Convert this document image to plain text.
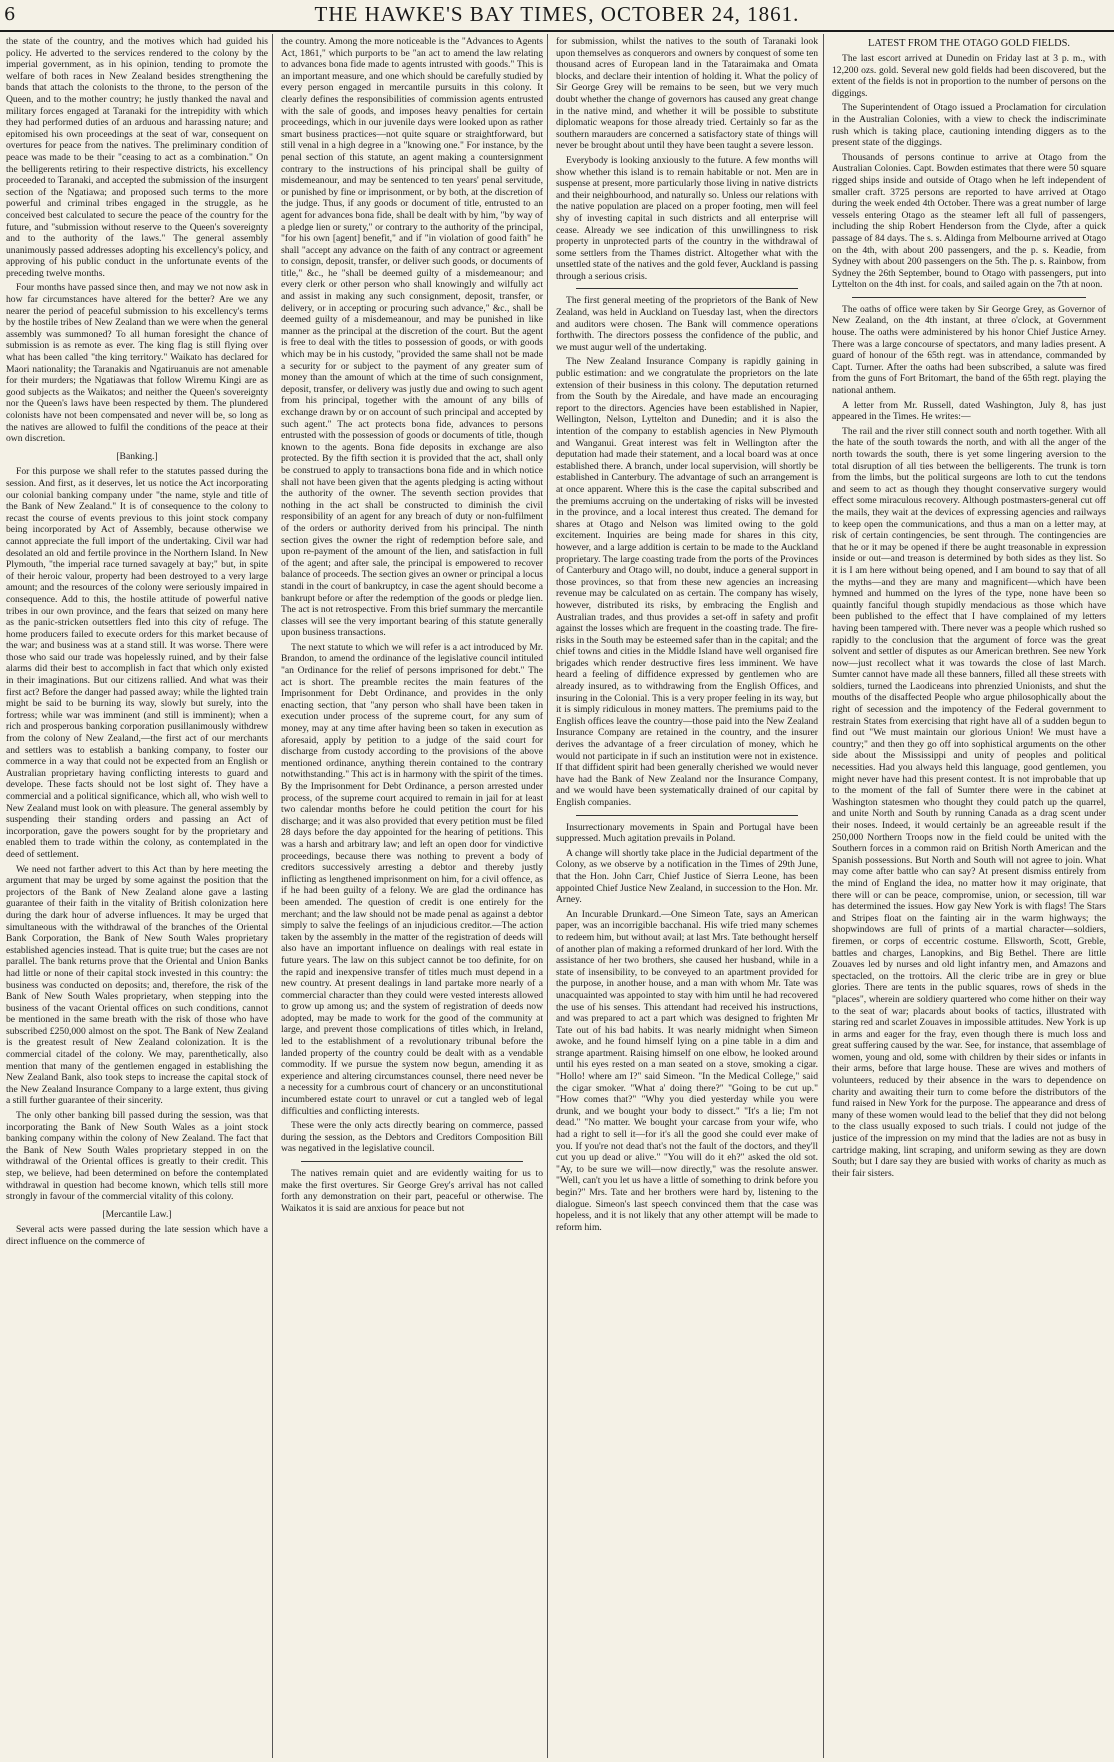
6	THE HAWKE'S BAY TIMES, OCTOBER 24, 1861.

the state of the country, and the motives which had guided his policy. He adverted to the services rendered to the colony by the imperial government, as in his opinion, tending to promote the welfare of both races in New Zealand besides strengthening the bands that attach the colonists to the throne, to the person of the Queen, and to the mother country; he justly thanked the naval and military forces engaged at Taranaki for the intrepidity with which they had performed duties of an arduous and harassing nature; and epitomised his own proceedings at the seat of war, consequent on overtures for peace from the natives. The preliminary condition of peace was made to be their "ceasing to act as a combination." On the belligerents retiring to their respective districts, his excellency proceeded to Taranaki, and accepted the submission of the insurgent section of the Ngatiawa; and proposed such terms to the more powerful and criminal tribes engaged in the struggle, as he conceived best calculated to secure the peace of the country for the future, and "submission without reserve to the Queen's sovereignty and to the authority of the laws." The general assembly unanimously passed addresses adopting his excellency's policy, and approving of his public conduct in the unfortunate events of the preceding twelve months.

Four months have passed since then, and may we not now ask in how far circumstances have altered for the better? Are we any nearer the period of peaceful submission to his excellency's terms by the hostile tribes of New Zealand than we were when the general assembly was summoned? To all human foresight the chance of submission is as remote as ever. The king flag is still flying over what has been called "the king territory." Waikato has declared for Maori nationality; the Taranakis and Ngatiruanuis are not amenable for their murders; the Ngatiawas that follow Wiremu Kingi are as good subjects as the Waikatos; and neither the Queen's sovereignty nor the Queen's laws have been respected by them. The plundered colonists have not been compensated and never will be, so long as the natives are allowed to fulfil the conditions of the peace at their own discretion.

[Banking.]

For this purpose we shall refer to the statutes passed during the session. And first, as it deserves, let us notice the Act incorporating our colonial banking company under "the name, style and title of the Bank of New Zealand." It is of consequence to the colony to recast the course of events previous to this joint stock company being incorporated by Act of Assembly, because otherwise we cannot appreciate the full import of the undertaking. Civil war had desolated an old and fertile province in the Northern Island. In New Plymouth, "the imperial race turned savagely at bay;" but, in spite of their heroic valour, property had been destroyed to a very large amount; and the resources of the colony were seriously impaired in consequence. Add to this, the hostile attitude of powerful native tribes in our own province, and the fears that seized on many here as the panic-stricken outsettlers fled into this city of refuge. The home producers failed to execute orders for this market because of the war; and business was at a stand still. It was worse. There were those who said our trade was hopelessly ruined, and by their false alarms did their best to accomplish in fact that which only existed in their imaginations. But our citizens rallied. And what was their first act? Before the danger had passed away; while the lighted train might be said to be burning its way, slowly but surely, into the fortress; while war was imminent (and still is imminent); when a rich and prosperous banking corporation pusillanimously withdrew from the colony of New Zealand,—the first act of our merchants and settlers was to establish a banking company, to foster our commerce in a way that could not be expected from an English or Australian proprietary having conflicting interests to guard and develope. These facts should not be lost sight of. They have a commercial and a political significance, which all, who wish well to New Zealand must look on with pleasure. The general assembly by suspending their standing orders and passing an Act of incorporation, gave the powers sought for by the proprietary and enabled them to trade within the colony, as contemplated in the deed of settlement.

We need not farther advert to this Act than by here meeting the argument that may be urged by some against the position that the projectors of the Bank of New Zealand alone gave a lasting guarantee of their faith in the vitality of British colonization here during the dark hour of adverse influences. It may be urged that simultaneous with the withdrawal of the branches of the Oriental Bank Corporation, the Bank of New South Wales proprietary established agencies instead. That is quite true; but the cases are not parallel. The bank returns prove that the Oriental and Union Banks had little or none of their capital stock invested in this country: the business was conducted on deposits; and, therefore, the risk of the Bank of New South Wales proprietary, when stepping into the business of the vacant Oriental offices on such conditions, cannot be mentioned in the same breath with the risk of those who have subscribed £250,000 almost on the spot. The Bank of New Zealand is the greatest result of New Zealand colonization. It is the commercial citadel of the colony. We may, parenthetically, also mention that many of the gentlemen engaged in establishing the New Zealand Bank, also took steps to increase the capital stock of the New Zealand Insurance Company to a large extent, thus giving a still further guarantee of their sincerity.

The only other banking bill passed during the session, was that incorporating the Bank of New South Wales as a joint stock banking company within the colony of New Zealand. The fact that the Bank of New South Wales proprietary stepped in on the withdrawal of the Oriental offices is greatly to their credit. This step, we believe, had been determined on before the contemplated withdrawal in question had become known, which tells still more strongly in favour of the commercial vitality of this colony.

[Mercantile Law.]

Several acts were passed during the late session which have a direct influence on the commerce of

the country. Among the more noticeable is the "Advances to Agents Act, 1861," which purports to be "an act to amend the law relating to advances bona fide made to agents intrusted with goods." This is an important measure, and one which should be carefully studied by every person engaged in mercantile pursuits in this colony. It clearly defines the responsibilities of commission agents entrusted with the sale of goods, and imposes heavy penalties for certain proceedings, which in our juvenile days were looked upon as rather smart business practices—not quite square or straightforward, but still venal in a high degree in a "knowing one." For instance, by the penal section of this statute, an agent making a countersignment contrary to the instructions of his principal shall be guilty of misdemeanour, and may be sentenced to ten years' penal servitude, or punished by fine or imprisonment, or by both, at the discretion of the judge. Thus, if any goods or document of title, entrusted to an agent for advances bona fide, shall be dealt with by him, "by way of a pledge lien or surety," or contrary to the authority of the principal, "for his own [agent] benefit," and if "in violation of good faith" he shall "accept any advance on the faith of any contract or agreement to consign, deposit, transfer, or deliver such goods, or documents of title," &c., he "shall be deemed guilty of a misdemeanour; and every clerk or other person who shall knowingly and wilfully act and assist in making any such consignment, deposit, transfer, or delivery, or in accepting or procuring such advance," &c., shall be deemed guilty of a misdemeanour, and may be punished in like manner as the principal at the discretion of the court. But the agent is free to deal with the titles to possession of goods, or with goods which may be in his custody, "provided the same shall not be made a security for or subject to the payment of any greater sum of money than the amount of which at the time of such consignment, deposit, transfer, or delivery was justly due and owing to such agent from his principal, together with the amount of any bills of exchange drawn by or on account of such principal and accepted by such agent." The act protects bona fide, advances to persons entrusted with the possession of goods or documents of title, though known to the agents. Bona fide deposits in exchange are also protected. By the fifth section it is provided that the act, shall only be construed to apply to transactions bona fide and in which notice shall not have been given that the agents pledging is acting without the authority of the owner. The seventh section provides that nothing in the act shall be constructed to diminish the civil responsibility of an agent for any breach of duty or non-fulfilment of the orders or authority derived from his principal. The ninth section gives the owner the right of redemption before sale, and upon re-payment of the amount of the lien, and satisfaction in full of the agent; and after sale, the principal is empowered to recover balance of proceeds. The section gives an owner or principal a locus standi in the court of bankruptcy, in case the agent should become a bankrupt before or after the redemption of the goods or pledge lien. The act is not retrospective. From this brief summary the mercantile classes will see the very important bearing of this statute generally upon business transactions.

The next statute to which we will refer is a act introduced by Mr. Brandon, to amend the ordinance of the legislative council intituled "an Ordinance for the relief of persons imprisoned for debt." The act is short. The preamble recites the main features of the Imprisonment for Debt Ordinance, and provides in the only enacting section, that "any person who shall have been taken in execution under process of the supreme court, for any sum of money, may at any time after having been so taken in execution as aforesaid, apply by petition to a judge of the said court for discharge from custody according to the provisions of the above mentioned ordinance, anything therein contained to the contrary notwithstanding." This act is in harmony with the spirit of the times. By the Imprisonment for Debt Ordinance, a person arrested under process, of the supreme court acquired to remain in jail for at least two calendar months before he could petition the court for his discharge; and it was also provided that every petition must be filed 28 days before the day appointed for the hearing of petitions. This was a harsh and arbitrary law; and left an open door for vindictive proceedings, because there was nothing to prevent a body of creditors successively arresting a debtor and thereby justly inflicting as lengthened imprisonment on him, for a civil offence, as if he had been guilty of a felony. We are glad the ordinance has been amended. The question of credit is one entirely for the merchant; and the law should not be made penal as against a debtor simply to salve the feelings of an injudicious creditor.—The action taken by the assembly in the matter of the registration of deeds will also have an important influence on dealings with real estate in future years. The law on this subject cannot be too definite, for on the rapid and inexpensive transfer of titles much must depend in a new country. At present dealings in land partake more nearly of a commercial character than they could were vested interests allowed to grow up among us; and the system of registration of deeds now adopted, may be made to work for the good of the community at large, and prevent those complications of titles which, in Ireland, led to the establishment of a revolutionary tribunal before the landed property of the country could be dealt with as a vendable commodity. If we pursue the system now begun, amending it as experience and altering circumstances counsel, there need never be a necessity for a cumbrous court of chancery or an unconstitutional incumbered estate court to unravel or cut a tangled web of legal difficulties and conflicting interests.

These were the only acts directly bearing on commerce, passed during the session, as the Debtors and Creditors Composition Bill was negatived in the legislative council.

The natives remain quiet and are evidently waiting for us to make the first overtures. Sir George Grey's arrival has not called forth any demonstration on their part, peaceful or otherwise. The Waikatos it is said are anxious for peace but not

for submission, whilst the natives to the south of Taranaki look upon themselves as conquerors and owners by conquest of some ten thousand acres of European land in the Tataraimaka and Omata blocks, and declare their intention of holding it. What the policy of Sir George Grey will be remains to be seen, but we very much doubt whether the change of governors has caused any great change in the native mind, and whether it will be possible to substitute diplomatic weapons for those already tried. Certainly so far as the southern marauders are concerned a satisfactory state of things will never be brought about until they have been taught a severe lesson.

Everybody is looking anxiously to the future. A few months will show whether this island is to remain habitable or not. Men are in suspense at present, more particularly those living in native districts and their neighbourhood, and naturally so. Unless our relations with the native population are placed on a proper footing, men will feel shy of investing capital in such districts and all enterprise will cease. Already we see indication of this unwillingness to risk property in unprotected parts of the country in the withdrawal of some settlers from the Thames district. Altogether what with the unsettled state of the natives and the gold fever, Auckland is passing through a serious crisis.

The first general meeting of the proprietors of the Bank of New Zealand, was held in Auckland on Tuesday last, when the directors and auditors were chosen. The Bank will commence operations forthwith. The directors possess the confidence of the public, and we must augur well of the undertaking.

The New Zealand Insurance Company is rapidly gaining in public estimation: and we congratulate the proprietors on the late extension of their business in this colony. The deputation returned from the South by the Airedale, and have made an encouraging report to the directors. Agencies have been established in Napier, Wellington, Nelson, Lyttelton and Dunedin; and it is also the intention of the company to establish agencies in New Plymouth and Wanganui. Great interest was felt in Wellington after the deputation had made their statement, and a local board was at once established there. A branch, under local supervision, will shortly be established in Canterbury. The advantage of such an arrangement is at once apparent. Where this is the case the capital subscribed and the premiums accruing on the undertaking of risks will be invested in the province, and a local interest thus created. The demand for shares at Otago and Nelson was limited owing to the gold excitement. Inquiries are being made for shares in this city, however, and a large addition is certain to be made to the Auckland proprietary. The large coasting trade from the ports of the Provinces of Canterbury and Otago will, no doubt, induce a general support in those provinces, so that from these new agencies an increasing revenue may be calculated on as certain. The company has wisely, however, distributed its risks, by embracing the English and Australian trades, and thus provides a set-off in safety and profit against the losses which are frequent in the coasting trade. The fire-risks in the South may be esteemed safer than in the capital; and the chief towns and cities in the Middle Island have well organised fire brigades which render destructive fires less imminent. We have heard a feeling of diffidence expressed by gentlemen who are already insured, as to withdrawing from the English Offices, and insuring in the Colonial. This is a very proper feeling in its way, but it is simply ridiculous in money matters. The premiums paid to the English offices leave the country—those paid into the New Zealand Insurance Company are retained in the country, and the insurer derives the advantage of a freer circulation of money, which he would not participate in if such an institution were not in existence. If that diffident spirit had been generally cherished we would never have had the Bank of New Zealand nor the Insurance Company, and we would have been systematically drained of our capital by English companies.

Insurrectionary movements in Spain and Portugal have been suppressed. Much agitation prevails in Poland.

A change will shortly take place in the Judicial department of the Colony, as we observe by a notification in the Times of 29th June, that the Hon. John Carr, Chief Justice of Sierra Leone, has been appointed Chief Justice New Zealand, in succession to the Hon. Mr. Arney.

An Incurable Drunkard.—One Simeon Tate, says an American paper, was an incorrigible bacchanal. His wife tried many schemes to redeem him, but without avail; at last Mrs. Tate bethought herself of another plan of making a reformed drunkard of her lord. With the assistance of her two brothers, she caused her husband, while in a state of insensibility, to be conveyed to an apartment provided for the purpose, in another house, and a man with whom Mr. Tate was unacquainted was appointed to stay with him until he had recovered the use of his senses. This attendant had received his instructions, and was prepared to act a part which was designed to frighten Mr Tate out of his bad habits. It was nearly midnight when Simeon awoke, and he found himself lying on a pine table in a dim and strange apartment. Raising himself on one elbow, he looked around until his eyes rested on a man seated on a stove, smoking a cigar. "Hollo! where am I?" said Simeon. "In the Medical College," said the cigar smoker. "What a' doing there?" "Going to be cut up." "How comes that?" "Why you died yesterday while you were drunk, and we bought your body to dissect." "It's a lie; I'm not dead." "No matter. We bought your carcase from your wife, who had a right to sell it—for it's all the good she could ever make of you. If you're not dead that's not the fault of the doctors, and they'll cut you up dead or alive." "You will do it eh?" asked the old sot. "Ay, to be sure we will—now directly," was the resolute answer. "Well, can't you let us have a little of something to drink before you begin?" Mrs. Tate and her brothers were hard by, listening to the dialogue. Simeon's last speech convinced them that the case was hopeless, and it is not likely that any other attempt will be made to reform him.

LATEST FROM THE OTAGO GOLD FIELDS.

The last escort arrived at Dunedin on Friday last at 3 p. m., with 12,200 ozs. gold. Several new gold fields had been discovered, but the extent of the fields is not in proportion to the number of persons on the diggings.

The Superintendent of Otago issued a Proclamation for circulation in the Australian Colonies, with a view to check the indiscriminate rush which is taking place, cautioning intending diggers as to the present state of the diggings.

Thousands of persons continue to arrive at Otago from the Australian Colonies. Capt. Bowden estimates that there were 50 square rigged ships inside and outside of Otago when he left independent of smaller craft. 3725 persons are reported to have arrived at Otago during the week ended 4th October. There was a great number of large vessels entering Otago as the steamer left all full of passengers, including the ship Robert Henderson from the Clyde, after a quick passage of 84 days. The s. s. Aldinga from Melbourne arrived at Otago on the 4th, with about 200 passengers, and the p. s. Keadie, from Sydney with about 200 passengers on the 5th. The p. s. Rainbow, from Sydney the 26th September, bound to Otago with passengers, put into Lyttelton on the 4th inst. for coals, and sailed again on the 7th at noon.

The oaths of office were taken by Sir George Grey, as Governor of New Zealand, on the 4th instant, at three o'clock, at Government house. The oaths were administered by his honor Chief Justice Arney. There was a large concourse of spectators, and many ladies present. A guard of honour of the 65th regt. was in attendance, commanded by Capt. Turner. After the oaths had been subscribed, a salute was fired from the guns of Fort Britomart, the band of the 65th regt. playing the national anthem.

A letter from Mr. Russell, dated Washington, July 8, has just appeared in the Times. He writes:—

The rail and the river still connect south and north together. With all the hate of the south towards the north, and with all the anger of the north towards the south, there is yet some lingering aversion to the total disruption of all ties between the belligerents. The trunk is torn from the limbs, but the political surgeons are loth to cut the tendons and seem to act as though they thought conservative surgery would effect some miraculous recovery. Although postmasters-general cut off the mails, they wait at the devices of expressing agencies and railways to keep open the communications, and thus a man on a letter may, at risk of certain contingencies, be sent through. The contingencies are that he or it may be opened if there be aught treasonable in expression inside or out—and treason is determined by both sides as they list. So it is I am here without being opened, and I am bound to say that of all the myths—and they are many and magnificent—which have been hymned and hummed on the lyres of the type, none have been so quaintly fanciful though stupidly mendacious as those which have been published to the effect that I have complained of my letters having been tampered with. There never was a people which rushed so rapidly to the conclusion that the argument of force was the great solvent and settler of disputes as our American brethren. See new York now—just recollect what it was towards the close of last March. Sumter cannot have made all these banners, filled all these streets with soldiers, turned the Laodiceans into phrenzied Unionists, and shut the mouths of the disaffected People who argue philosophically about the right of secession and the impotency of the Federal government to restrain States from exercising that right have all of a sudden begun to find out "We must maintain our glorious Union! We must have a country;" and then they go off into sophistical arguments on the other side about the Mississippi and unity of peoples and political necessities. Had you always held this language, good gentlemen, you might never have had this present contest. It is not improbable that up to the moment of the fall of Sumter there were in the cabinet at Washington statesmen who thought they could patch up the quarrel, and unite North and South by running Canada as a drag scent under their noses. Indeed, it would certainly be an agreeable result if the 250,000 Northern Troops now in the field could be united with the Southern forces in a common raid on British North American and the Spanish possessions. But North and South will not agree to join. What may come after battle who can say? At present dismiss entirely from the mind of England the idea, no matter how it may originate, that there will or can be peace, compromise, union, or secession, till war has determined the issues. How gay New York is with flags! The Stars and Stripes float on the fainting air in the warm highways; the shopwindows are full of prints of a martial character—soldiers, firemen, or corps of eccentric costume. Ellsworth, Scott, Greble, battles and charges, Lanopkins, and Big Bethel. There are little Zouaves led by nurses and old light infantry men, and Amazons and spectacled, on the trottoirs. All the cleric tribe are in grey or blue glories. There are tents in the public squares, rows of sheds in the "places", wherein are soldiery quartered who come hither on their way to the seat of war; placards about books of tactics, illustrated with staring red and scarlet Zouaves in impossible attitudes. New York is up in arms and eager for the fray, even though there is much loss and great suffering caused by the war. See, for instance, that assemblage of women, young and old, some with children by their sides or infants in their arms, before that large house. These are wives and mothers of volunteers, reduced by their absence in the wars to dependence on charity and awaiting their turn to come before the distributors of the fund raised in New York for the purpose. The appearance and dress of many of these women would lead to the belief that they did not belong to the class usually exposed to such trials. I could not judge of the justice of the impression on my mind that the ladies are not as busy in cartridge making, lint scraping, and uniform sewing as they are down South; but I dare say they are busied with works of charity as much as their fair sisters.
